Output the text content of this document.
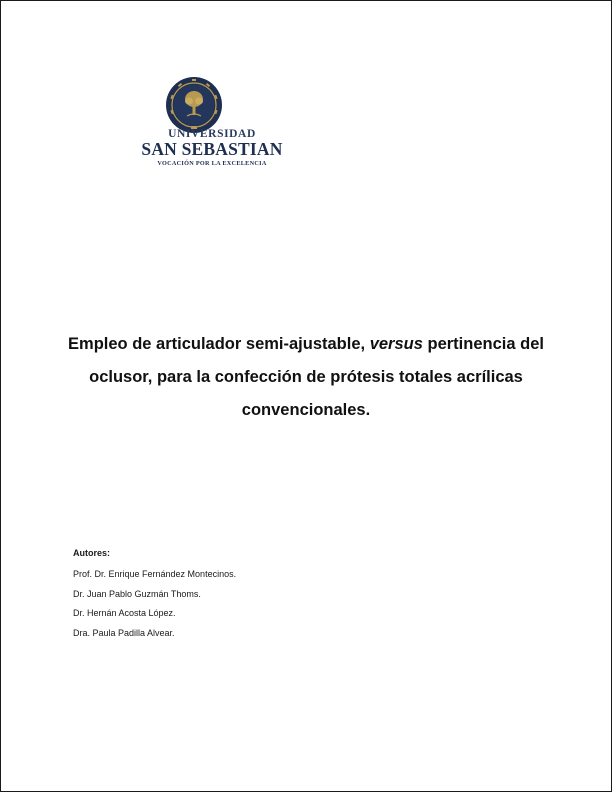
UNIVERSIDAD
SAN SEBASTIAN
VOCACIÓN POR LA EXCELENCIA
Empleo de articulador semi-ajustable, versus pertinencia del oclusor, para la confección de prótesis totales acrílicas convencionales.
Autores:
Prof. Dr. Enrique Fernández Montecinos.
Dr. Juan Pablo Guzmán Thoms.
Dr. Hernán Acosta López.
Dra. Paula Padilla Alvear.
